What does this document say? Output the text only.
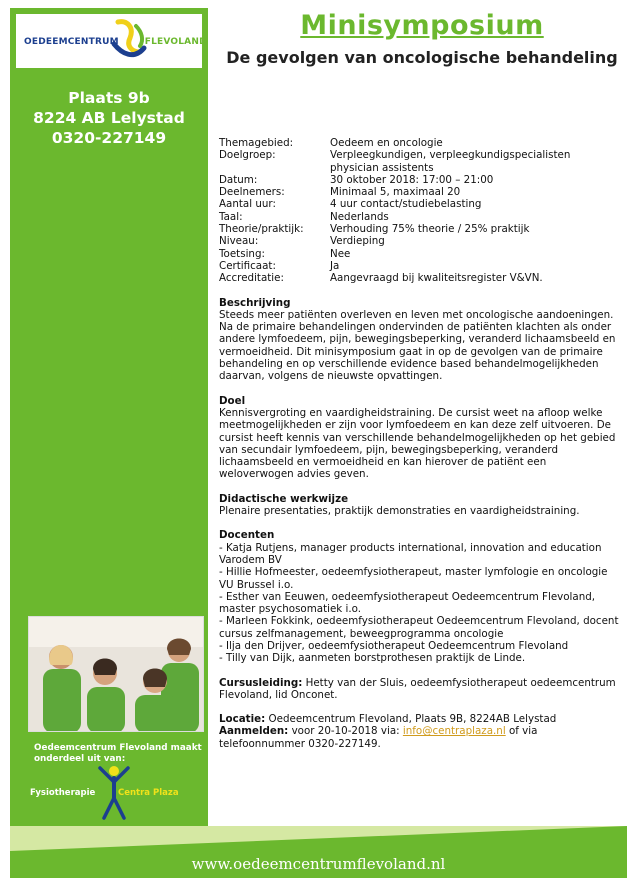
OEDEEMCENTRUM	FLEVOLAND
Plaats 9b
8224 AB Lelystad
0320-227149
Oedeemcentrum Flevoland maakt onderdeel uit van:
Fysiotherapie	Centra Plaza
Minisymposium
De gevolgen van oncologische behandeling
Themagebied:	Oedeem en oncologie
Doelgroep:	Verpleegkundigen, verpleegkundigspecialisten physician assistents
Datum:	30 oktober 2018: 17:00 – 21:00
Deelnemers:	Minimaal 5, maximaal 20
Aantal uur:	4 uur contact/studiebelasting
Taal:	Nederlands
Theorie/praktijk:	Verhouding 75% theorie / 25% praktijk
Niveau:	Verdieping
Toetsing:	Nee
Certificaat:	Ja
Accreditatie:	Aangevraagd bij kwaliteitsregister V&VN.
Beschrijving
Steeds meer patiënten overleven en leven met oncologische aandoeningen. Na de primaire behandelingen ondervinden de patiënten klachten als onder andere lymfoedeem, pijn, bewegingsbeperking, veranderd lichaamsbeeld en vermoeidheid. Dit minisymposium gaat in op de gevolgen van de primaire behandeling en op verschillende evidence based behandelmogelijkheden daarvan, volgens de nieuwste opvattingen.
Doel
Kennisvergroting en vaardigheidstraining. De cursist weet na afloop welke meetmogelijkheden er zijn voor lymfoedeem en kan deze zelf uitvoeren. De cursist heeft kennis van verschillende behandelmogelijkheden op het gebied van secundair lymfoedeem, pijn, bewegingsbeperking, veranderd lichaamsbeeld en vermoeidheid en kan hierover de patiënt een weloverwogen advies geven.
Didactische werkwijze
Plenaire presentaties, praktijk demonstraties en vaardigheidstraining.
Docenten
- Katja Rutjens, manager products international, innovation and education Varodem BV
- Hillie Hofmeester, oedeemfysiotherapeut, master lymfologie en oncologie VU Brussel i.o.
- Esther van Eeuwen, oedeemfysiotherapeut Oedeemcentrum Flevoland, master psychosomatiek i.o.
- Marleen Fokkink, oedeemfysiotherapeut Oedeemcentrum Flevoland, docent cursus zelfmanagement, beweegprogramma oncologie
- Ilja den Drijver, oedeemfysiotherapeut Oedeemcentrum Flevoland
- Tilly van Dijk, aanmeten borstprothesen praktijk de Linde.
Cursusleiding: Hetty van der Sluis, oedeemfysiotherapeut oedeemcentrum Flevoland, lid Onconet.
Locatie: Oedeemcentrum Flevoland, Plaats 9B, 8224AB Lelystad
Aanmelden: voor 20-10-2018 via: info@centraplaza.nl of via telefoonnummer 0320-227149.
www.oedeemcentrumflevoland.nl
